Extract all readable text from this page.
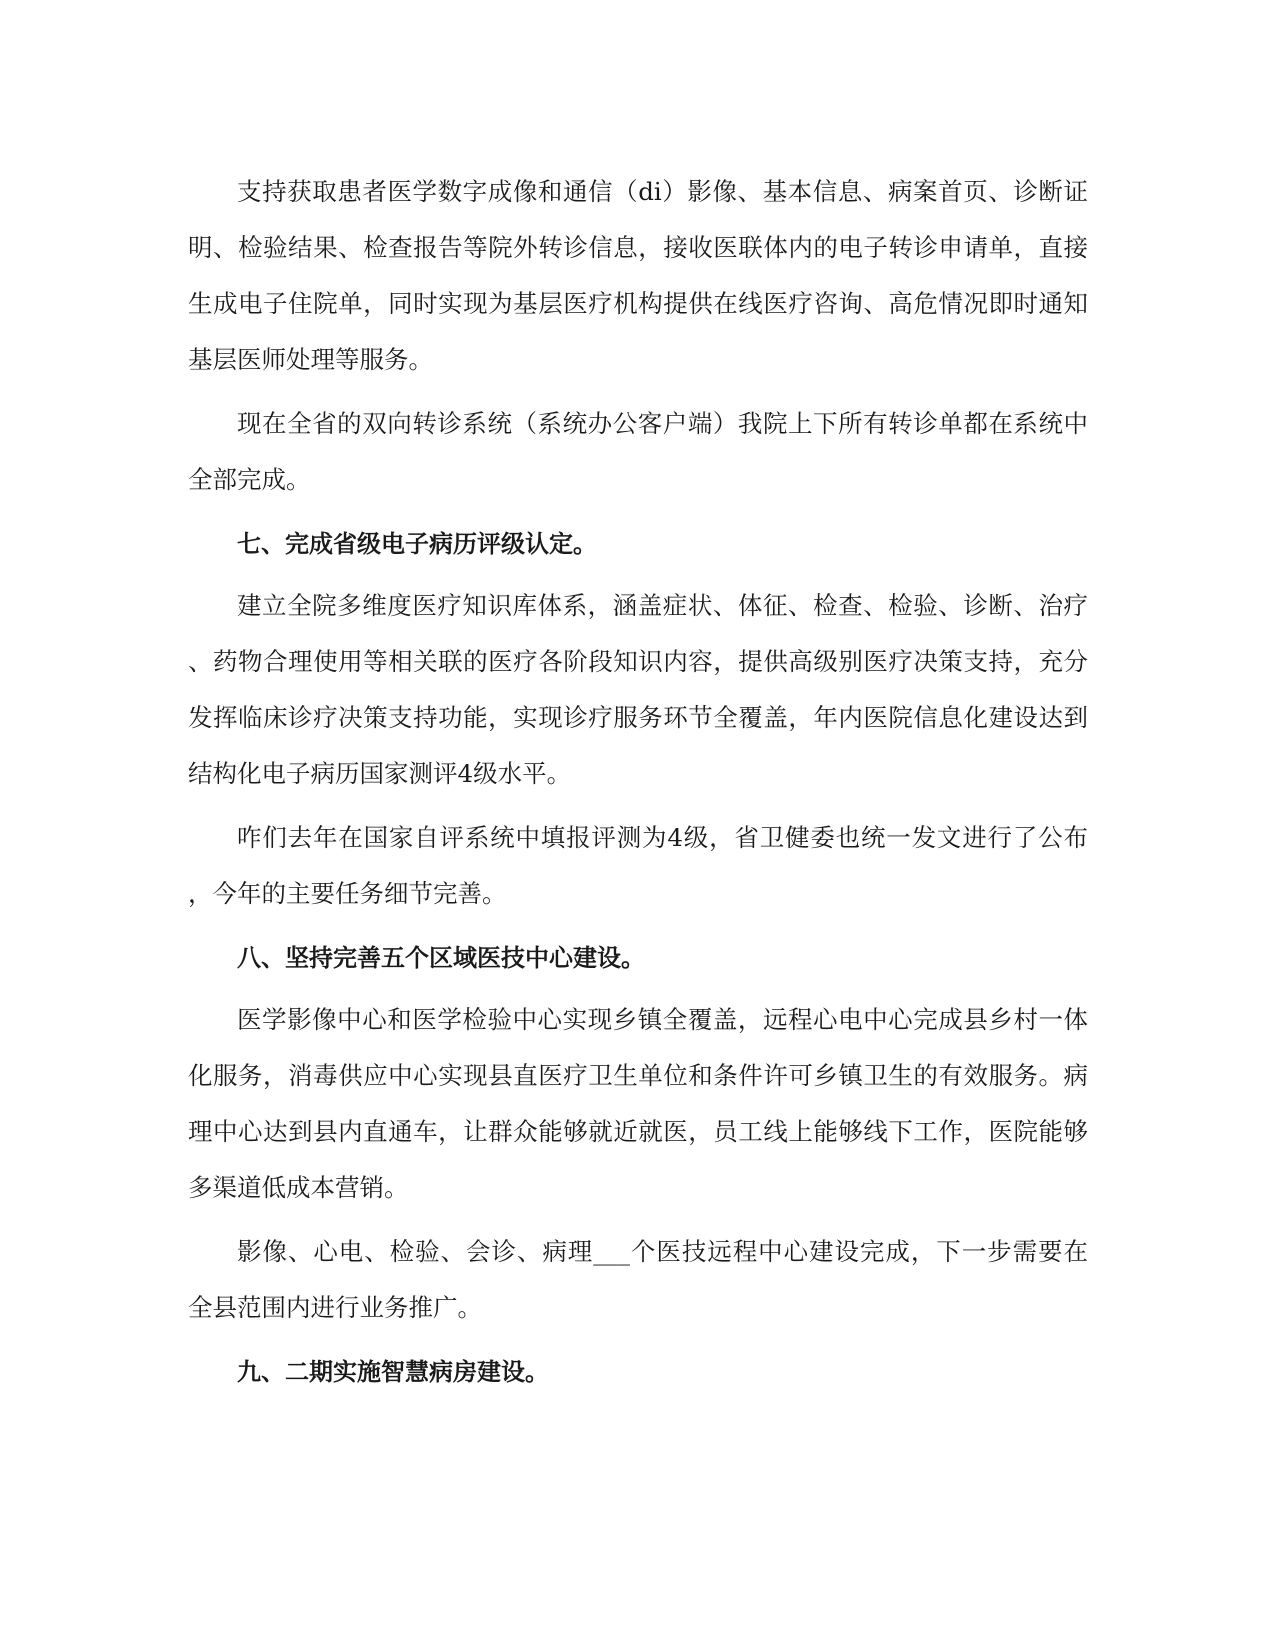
支持获取患者医学数字成像和通信（di）影像、基本信息、病案首页、诊断证
明、检验结果、检查报告等院外转诊信息，接收医联体内的电子转诊申请单，直接
生成电子住院单，同时实现为基层医疗机构提供在线医疗咨询、高危情况即时通知
基层医师处理等服务。
现在全省的双向转诊系统（系统办公客户端）我院上下所有转诊单都在系统中
全部完成。
七、完成省级电子病历评级认定。
建立全院多维度医疗知识库体系，涵盖症状、体征、检查、检验、诊断、治疗
、药物合理使用等相关联的医疗各阶段知识内容，提供高级别医疗决策支持，充分
发挥临床诊疗决策支持功能，实现诊疗服务环节全覆盖，年内医院信息化建设达到
结构化电子病历国家测评4级水平。
咋们去年在国家自评系统中填报评测为4级，省卫健委也统一发文进行了公布
，今年的主要任务细节完善。
八、坚持完善五个区域医技中心建设。
医学影像中心和医学检验中心实现乡镇全覆盖，远程心电中心完成县乡村一体
化服务，消毒供应中心实现县直医疗卫生单位和条件许可乡镇卫生的有效服务。病
理中心达到县内直通车，让群众能够就近就医，员工线上能够线下工作，医院能够
多渠道低成本营销。
影像、心电、检验、会诊、病理___个医技远程中心建设完成，下一步需要在
全县范围内进行业务推广。
九、二期实施智慧病房建设。
